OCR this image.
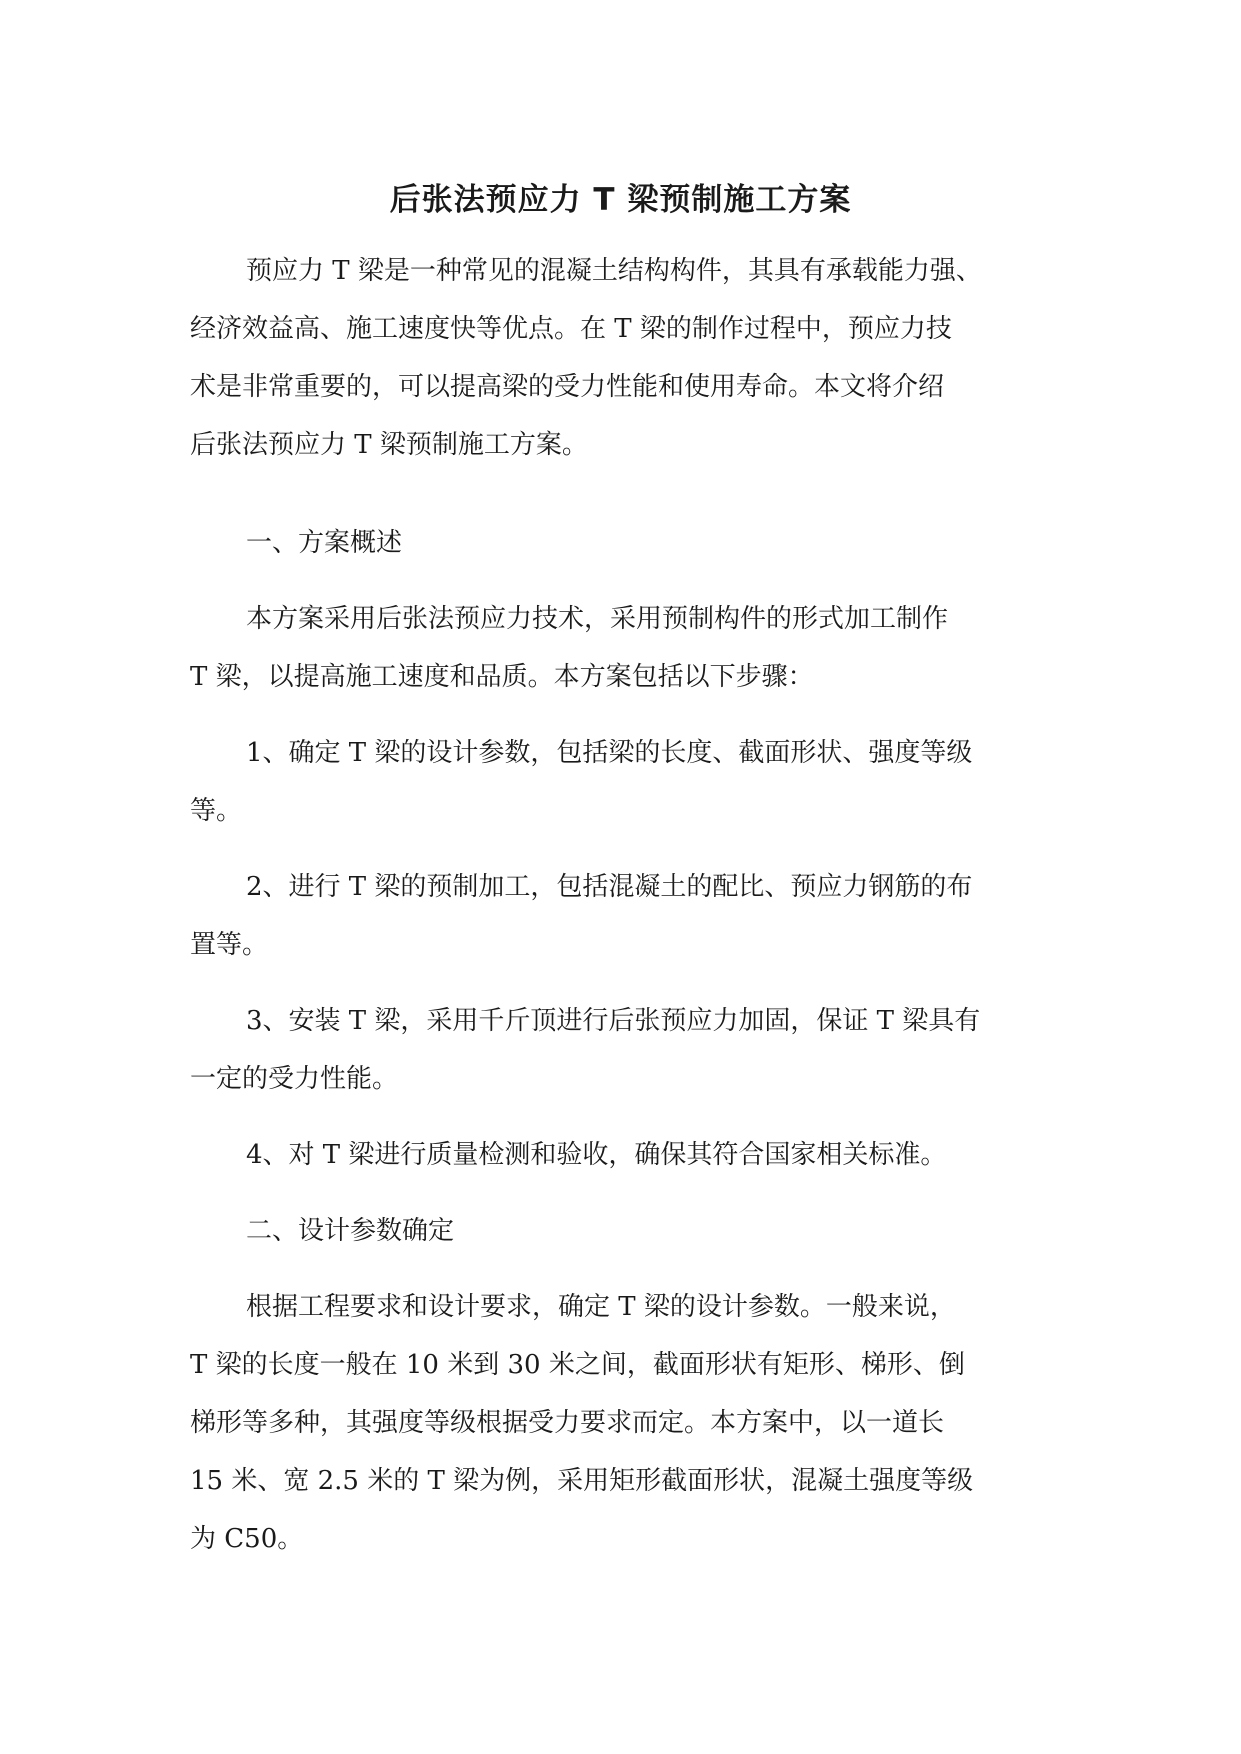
后张法预应力 T 梁预制施工方案

预应力 T 梁是一种常见的混凝土结构构件，其具有承载能力强、
经济效益高、施工速度快等优点。在 T 梁的制作过程中，预应力技
术是非常重要的，可以提高梁的受力性能和使用寿命。本文将介绍
后张法预应力 T 梁预制施工方案。

一、方案概述

本方案采用后张法预应力技术，采用预制构件的形式加工制作
T 梁，以提高施工速度和品质。本方案包括以下步骤：

1、确定 T 梁的设计参数，包括梁的长度、截面形状、强度等级
等。

2、进行 T 梁的预制加工，包括混凝土的配比、预应力钢筋的布
置等。

3、安装 T 梁，采用千斤顶进行后张预应力加固，保证 T 梁具有
一定的受力性能。

4、对 T 梁进行质量检测和验收，确保其符合国家相关标准。

二、设计参数确定

根据工程要求和设计要求，确定 T 梁的设计参数。一般来说，
T 梁的长度一般在 10 米到 30 米之间，截面形状有矩形、梯形、倒
梯形等多种，其强度等级根据受力要求而定。本方案中，以一道长
15 米、宽 2.5 米的 T 梁为例，采用矩形截面形状，混凝土强度等级
为 C50。
